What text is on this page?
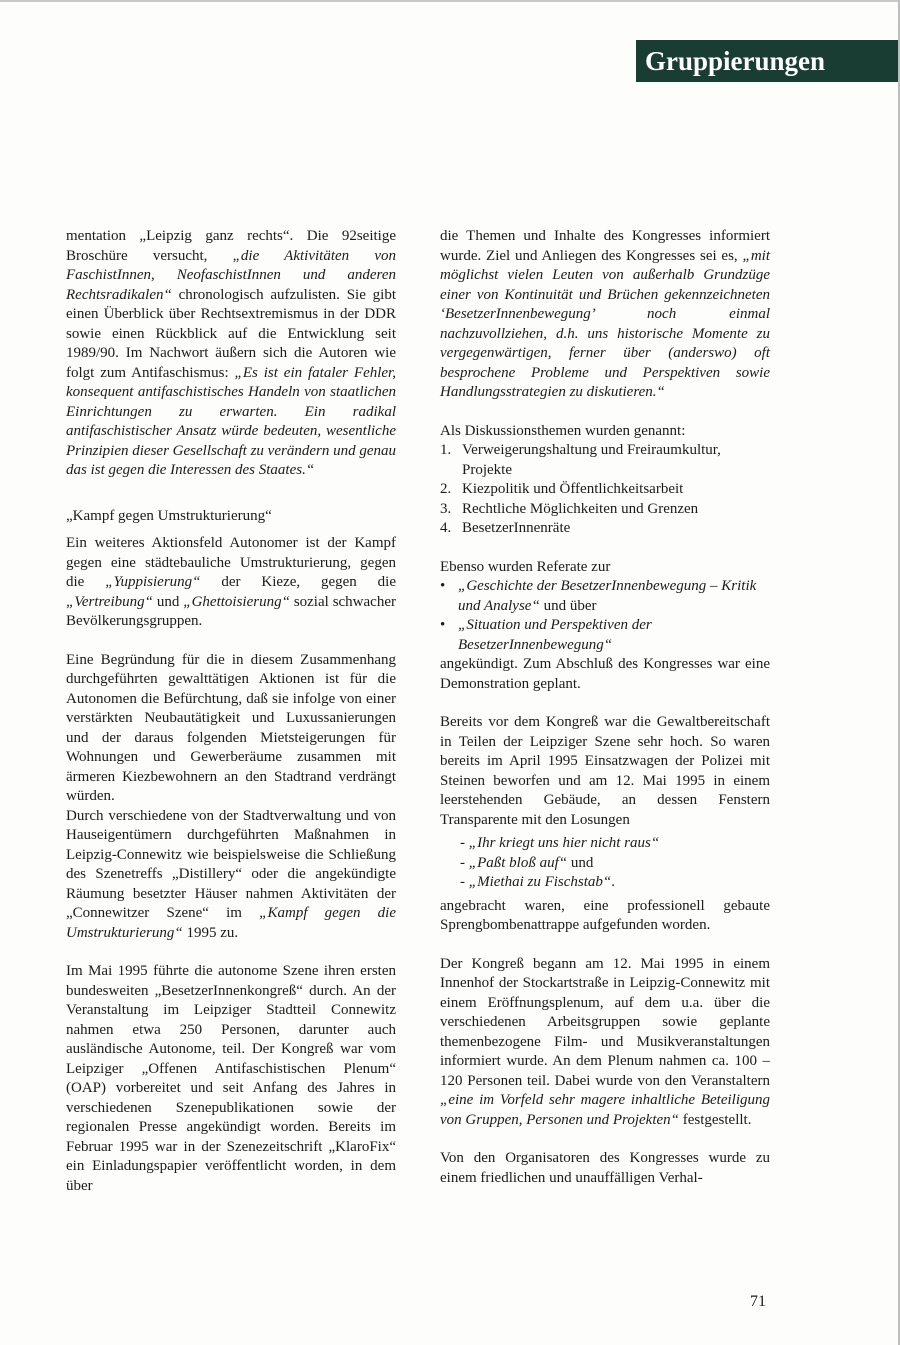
Gruppierungen

mentation „Leipzig ganz rechts“. Die 92seitige Broschüre versucht, „die Aktivitäten von FaschistInnen, NeofaschistInnen und anderen Rechtsradikalen“ chronologisch aufzulisten. Sie gibt einen Überblick über Rechtsextremismus in der DDR sowie einen Rückblick auf die Entwicklung seit 1989/90. Im Nachwort äußern sich die Autoren wie folgt zum Antifaschismus: „Es ist ein fataler Fehler, konsequent antifaschistisches Handeln von staatlichen Einrichtungen zu erwarten. Ein radikal antifaschistischer Ansatz würde bedeuten, wesentliche Prinzipien dieser Gesellschaft zu verändern und genau das ist gegen die Interessen des Staates.“

„Kampf gegen Umstrukturierung“

Ein weiteres Aktionsfeld Autonomer ist der Kampf gegen eine städtebauliche Umstrukturierung, gegen die „Yuppisierung“ der Kieze, gegen die „Vertreibung“ und „Ghettoisierung“ sozial schwacher Bevölkerungsgruppen.

Eine Begründung für die in diesem Zusammenhang durchgeführten gewalttätigen Aktionen ist für die Autonomen die Befürchtung, daß sie infolge von einer verstärkten Neubautätigkeit und Luxussanierungen und der daraus folgenden Mietsteigerungen für Wohnungen und Gewerberäume zusammen mit ärmeren Kiezbewohnern an den Stadtrand verdrängt würden.

Durch verschiedene von der Stadtverwaltung und von Hauseigentümern durchgeführten Maßnahmen in Leipzig-Connewitz wie beispielsweise die Schließung des Szenetreffs „Distillery“ oder die angekündigte Räumung besetzter Häuser nahmen Aktivitäten der „Connewitzer Szene“ im „Kampf gegen die Umstrukturierung“ 1995 zu.

Im Mai 1995 führte die autonome Szene ihren ersten bundesweiten „BesetzerInnenkongreß“ durch. An der Veranstaltung im Leipziger Stadtteil Connewitz nahmen etwa 250 Personen, darunter auch ausländische Autonome, teil. Der Kongreß war vom Leipziger „Offenen Antifaschistischen Plenum“ (OAP) vorbereitet und seit Anfang des Jahres in verschiedenen Szenepublikationen sowie der regionalen Presse angekündigt worden. Bereits im Februar 1995 war in der Szenezeitschrift „KlaroFix“ ein Einladungspapier veröffentlicht worden, in dem über

die Themen und Inhalte des Kongresses informiert wurde. Ziel und Anliegen des Kongresses sei es, „mit möglichst vielen Leuten von außerhalb Grundzüge einer von Kontinuität und Brüchen gekennzeichneten ‘BesetzerInnenbewegung’ noch einmal nachzuvollziehen, d.h. uns historische Momente zu vergegenwärtigen, ferner über (anderswo) oft besprochene Probleme und Perspektiven sowie Handlungsstrategien zu diskutieren.“

Als Diskussionsthemen wurden genannt:

1. Verweigerungshaltung und Freiraumkultur, Projekte
2. Kiezpolitik und Öffentlichkeitsarbeit
3. Rechtliche Möglichkeiten und Grenzen
4. BesetzerInnenräte

Ebenso wurden Referate zur

• „Geschichte der BesetzerInnenbewegung – Kritik und Analyse“ und über
• „Situation und Perspektiven der BesetzerInnenbewegung“

angekündigt. Zum Abschluß des Kongresses war eine Demonstration geplant.

Bereits vor dem Kongreß war die Gewaltbereitschaft in Teilen der Leipziger Szene sehr hoch. So waren bereits im April 1995 Einsatzwagen der Polizei mit Steinen beworfen und am 12. Mai 1995 in einem leerstehenden Gebäude, an dessen Fenstern Transparente mit den Losungen

- „Ihr kriegt uns hier nicht raus“
- „Paßt bloß auf“ und
- „Miethai zu Fischstab“.

angebracht waren, eine professionell gebaute Sprengbombenattrappe aufgefunden worden.

Der Kongreß begann am 12. Mai 1995 in einem Innenhof der Stockartstraße in Leipzig-Connewitz mit einem Eröffnungsplenum, auf dem u.a. über die verschiedenen Arbeitsgruppen sowie geplante themenbezogene Film- und Musikveranstaltungen informiert wurde. An dem Plenum nahmen ca. 100 – 120 Personen teil. Dabei wurde von den Veranstaltern „eine im Vorfeld sehr magere inhaltliche Beteiligung von Gruppen, Personen und Projekten“ festgestellt.

Von den Organisatoren des Kongresses wurde zu einem friedlichen und unauffälligen Verhal-

71
